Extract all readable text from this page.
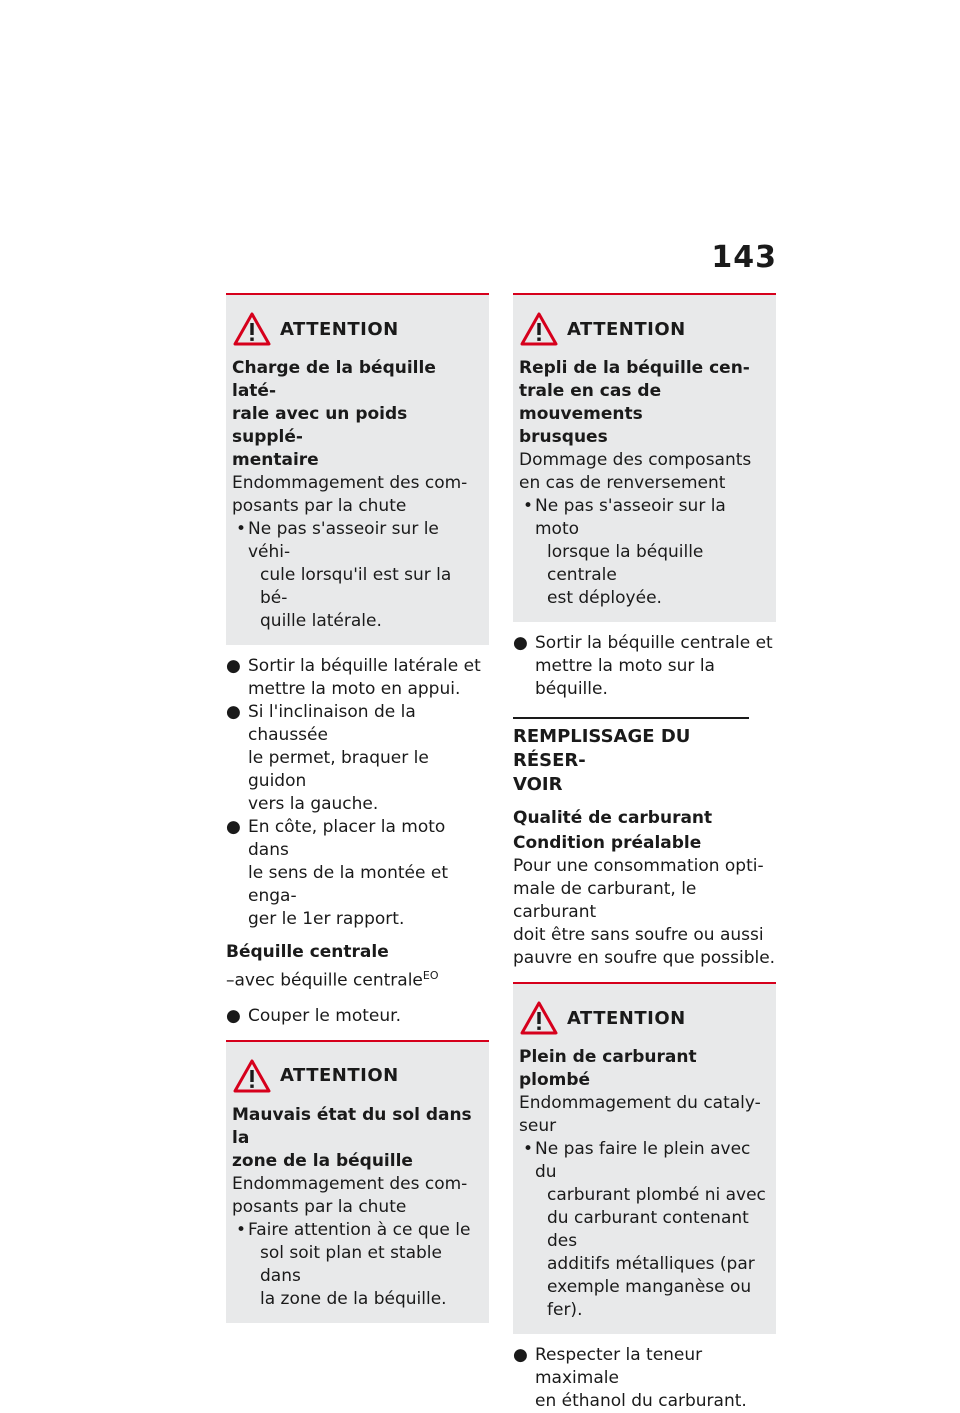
143
ATTENTION
Charge de la béquille laté-
rale avec un poids supplé-
mentaire
Endommagement des com-
posants par la chute
• Ne pas s'asseoir sur le véhi-
cule lorsqu'il est sur la bé-
quille latérale.
● Sortir la béquille latérale et
mettre la moto en appui.
● Si l'inclinaison de la chaussée
le permet, braquer le guidon
vers la gauche.
● En côte, placer la moto dans
le sens de la montée et enga-
ger le 1er rapport.
Béquille centrale
–avec béquille centrale$^{EO}$
● Couper le moteur.
ATTENTION
Mauvais état du sol dans la
zone de la béquille
Endommagement des com-
posants par la chute
• Faire attention à ce que le
sol soit plan et stable dans
la zone de la béquille.
ATTENTION
Repli de la béquille cen-
trale en cas de mouvements
brusques
Dommage des composants
en cas de renversement
• Ne pas s'asseoir sur la moto
lorsque la béquille centrale
est déployée.
● Sortir la béquille centrale et
mettre la moto sur la béquille.
REMPLISSAGE DU RÉSER-
VOIR
Qualité de carburant
Condition préalable
Pour une consommation opti-
male de carburant, le carburant
doit être sans soufre ou aussi
pauvre en soufre que possible.
ATTENTION
Plein de carburant plombé
Endommagement du cataly-
seur
• Ne pas faire le plein avec du
carburant plombé ni avec
du carburant contenant des
additifs métalliques (par
exemple manganèse ou fer).
● Respecter la teneur maximale
en éthanol du carburant.
